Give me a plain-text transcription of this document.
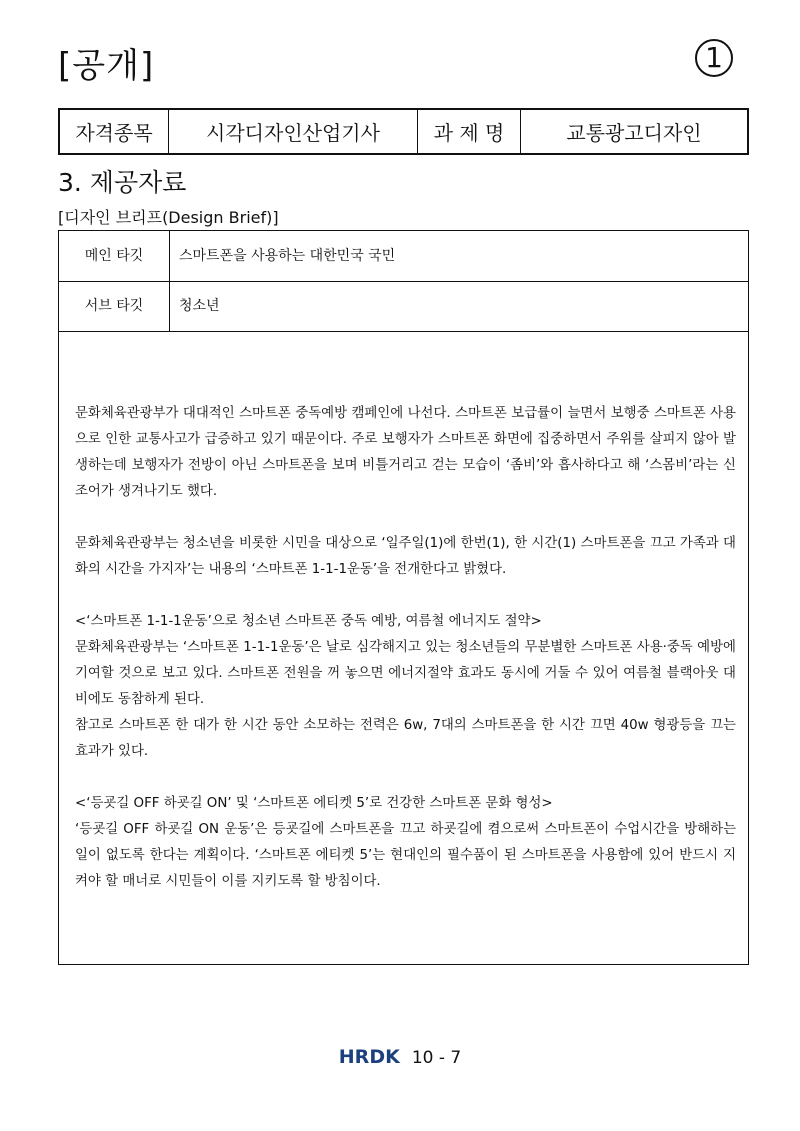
[공개]	1
자격종목	시각디자인산업기사	과 제 명	교통광고디자인
3. 제공자료
[디자인 브리프(Design Brief)]
메인 타깃	스마트폰을 사용하는 대한민국 국민
서브 타깃	청소년

문화체육관광부가 대대적인 스마트폰 중독예방 캠페인에 나선다. 스마트폰 보급률이 늘면서 보행중 스마트폰 사용으로 인한 교통사고가 급증하고 있기 때문이다. 주로 보행자가 스마트폰 화면에 집중하면서 주위를 살피지 않아 발생하는데 보행자가 전방이 아닌 스마트폰을 보며 비틀거리고 걷는 모습이 ‘좀비’와 흡사하다고 해 ‘스몸비’라는 신조어가 생겨나기도 했다.

문화체육관광부는 청소년을 비롯한 시민을 대상으로 ‘일주일(1)에 한번(1), 한 시간(1) 스마트폰을 끄고 가족과 대화의 시간을 가지자’는 내용의 ‘스마트폰 1-1-1운동’을 전개한다고 밝혔다.

<‘스마트폰 1-1-1운동’으로 청소년 스마트폰 중독 예방, 여름철 에너지도 절약>

문화체육관광부는 ‘스마트폰 1-1-1운동’은 날로 심각해지고 있는 청소년들의 무분별한 스마트폰 사용·중독 예방에 기여할 것으로 보고 있다. 스마트폰 전원을 꺼 놓으면 에너지절약 효과도 동시에 거둘 수 있어 여름철 블랙아웃 대비에도 동참하게 된다.

참고로 스마트폰 한 대가 한 시간 동안 소모하는 전력은 6w, 7대의 스마트폰을 한 시간 끄면 40w 형광등을 끄는 효과가 있다.

<‘등굣길 OFF 하굣길 ON’ 및 ‘스마트폰 에티켓 5’로 건강한 스마트폰 문화 형성>

‘등굣길 OFF 하굣길 ON 운동’은 등굣길에 스마트폰을 끄고 하굣길에 켬으로써 스마트폰이 수업시간을 방해하는 일이 없도록 한다는 계획이다. ‘스마트폰 에티켓 5’는 현대인의 필수품이 된 스마트폰을 사용함에 있어 반드시 지켜야 할 매너로 시민들이 이를 지키도록 할 방침이다.

HRDK 10 - 7
